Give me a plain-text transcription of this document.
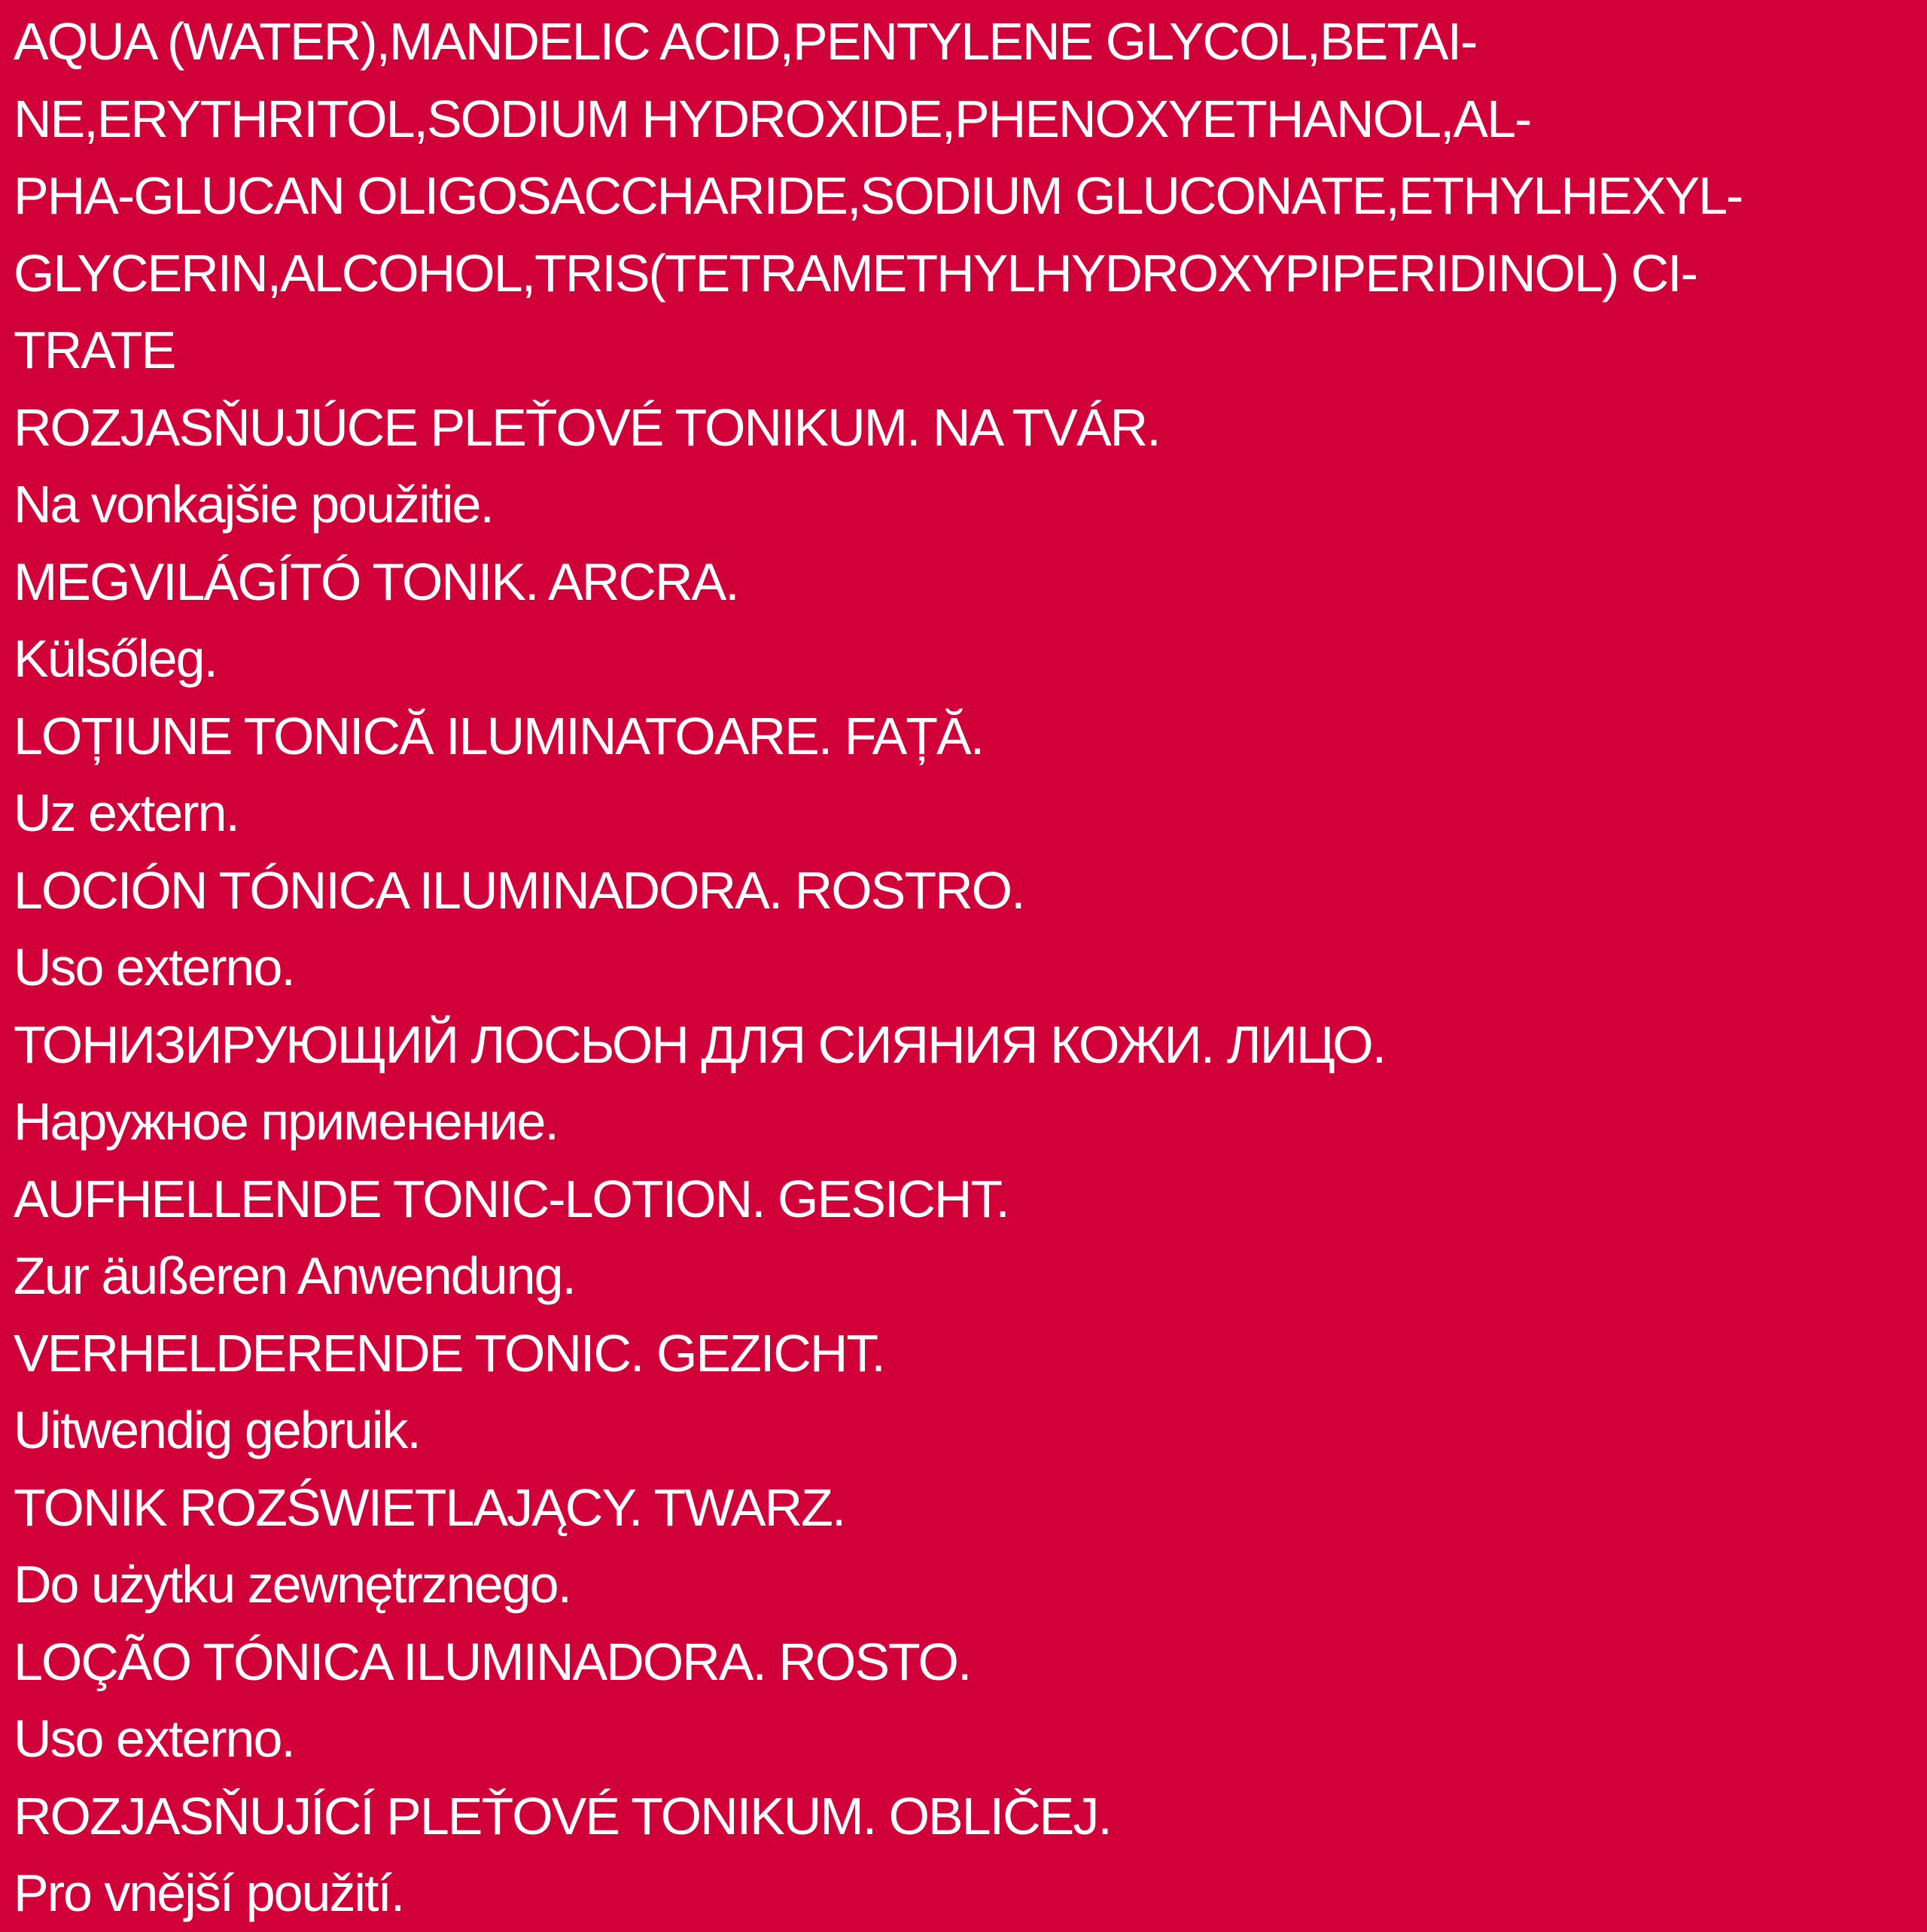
AQUA (WATER),MANDELIC ACID,PENTYLENE GLYCOL,BETAI-
NE,ERYTHRITOL,SODIUM HYDROXIDE,PHENOXYETHANOL,AL-
PHA-GLUCAN OLIGOSACCHARIDE,SODIUM GLUCONATE,ETHYLHEXYL-
GLYCERIN,ALCOHOL,TRIS(TETRAMETHYLHYDROXYPIPERIDINOL) CI-
TRATE
ROZJASŇUJÚCE PLEŤOVÉ TONIKUM. NA TVÁR.
Na vonkajšie použitie.
MEGVILÁGÍTÓ TONIK. ARCRA.
Külsőleg.
LOȚIUNE TONICĂ ILUMINATOARE. FAȚĂ.
Uz extern.
LOCIÓN TÓNICA ILUMINADORA. ROSTRO.
Uso externo.
ТОНИЗИРУЮЩИЙ ЛОСЬОН ДЛЯ СИЯНИЯ КОЖИ. ЛИЦО.
Наружное применение.
AUFHELLENDE TONIC-LOTION. GESICHT.
Zur äußeren Anwendung.
VERHELDERENDE TONIC. GEZICHT.
Uitwendig gebruik.
TONIK ROZŚWIETLAJĄCY. TWARZ.
Do użytku zewnętrznego.
LOÇÃO TÓNICA ILUMINADORA. ROSTO.
Uso externo.
ROZJASŇUJÍCÍ PLEŤOVÉ TONIKUM. OBLIČEJ.
Pro vnější použití.
